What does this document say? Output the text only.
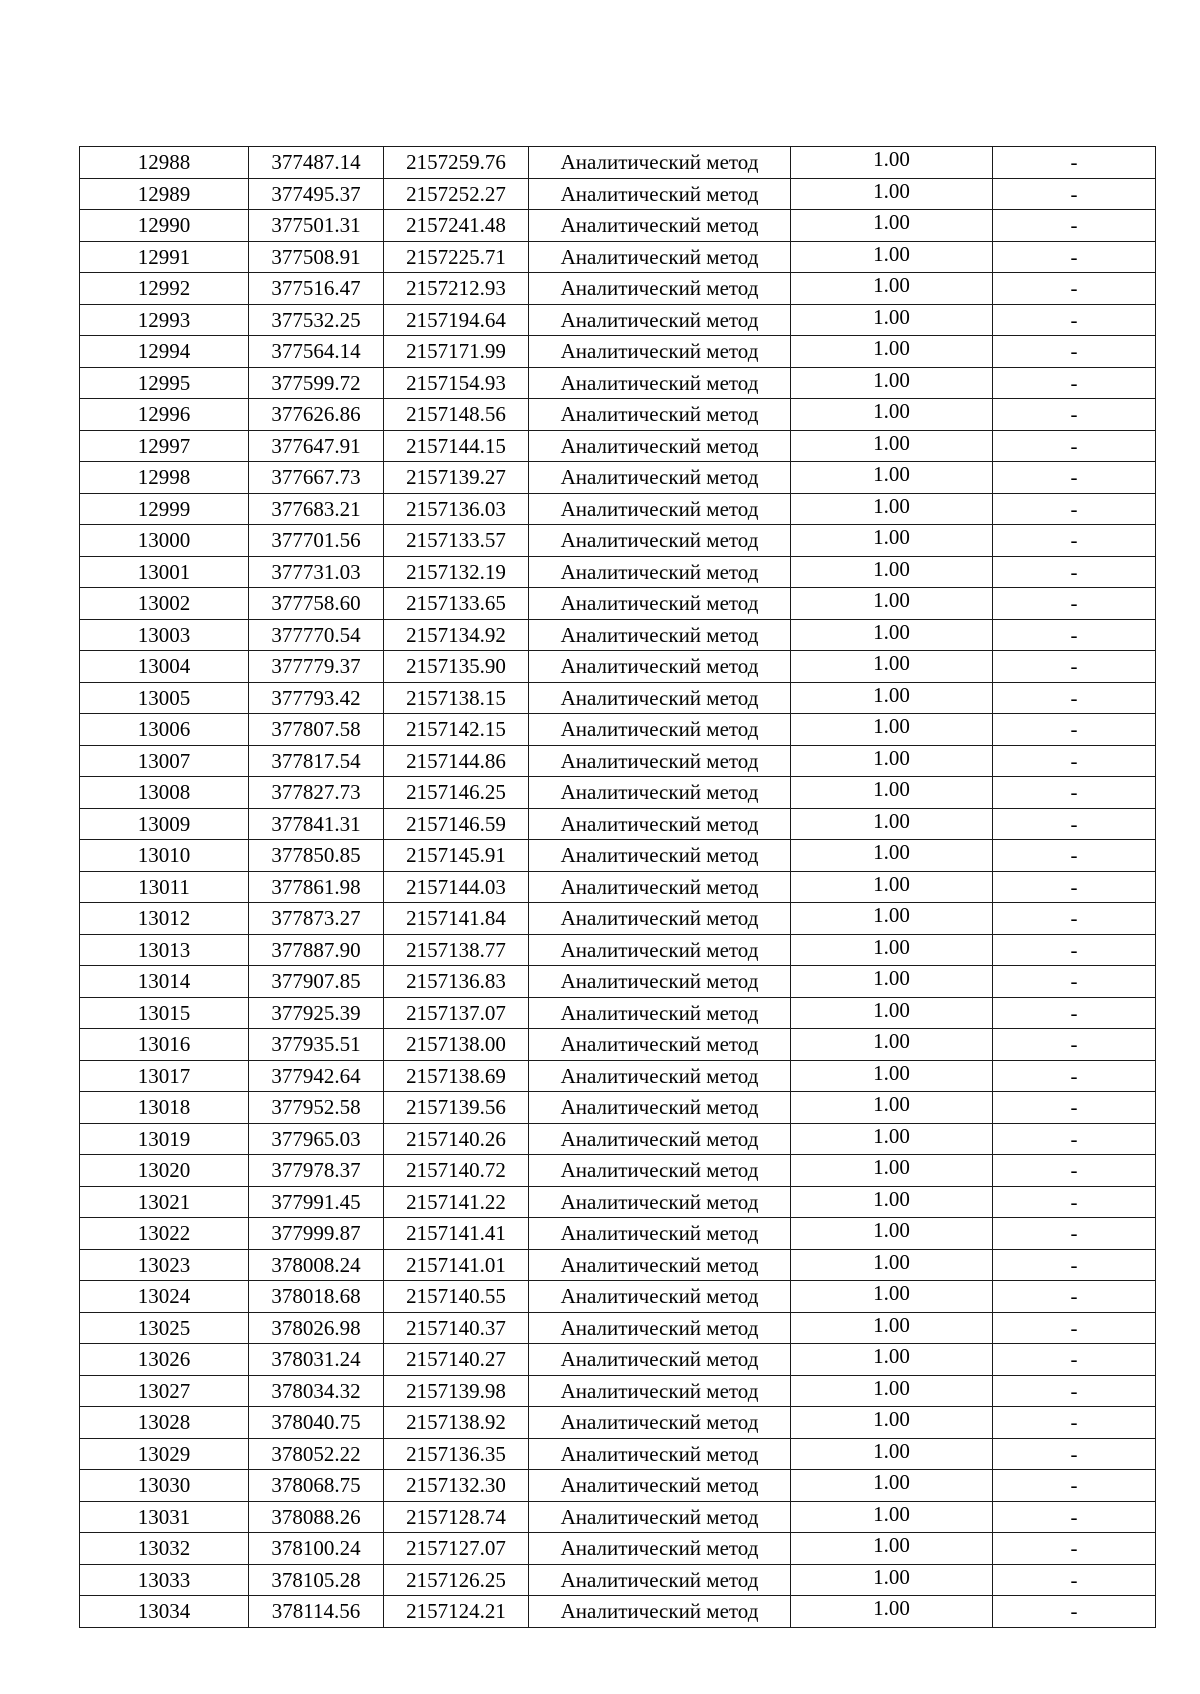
12988	377487.14	2157259.76	Аналитический метод	1.00	-
12989	377495.37	2157252.27	Аналитический метод	1.00	-
12990	377501.31	2157241.48	Аналитический метод	1.00	-
12991	377508.91	2157225.71	Аналитический метод	1.00	-
12992	377516.47	2157212.93	Аналитический метод	1.00	-
12993	377532.25	2157194.64	Аналитический метод	1.00	-
12994	377564.14	2157171.99	Аналитический метод	1.00	-
12995	377599.72	2157154.93	Аналитический метод	1.00	-
12996	377626.86	2157148.56	Аналитический метод	1.00	-
12997	377647.91	2157144.15	Аналитический метод	1.00	-
12998	377667.73	2157139.27	Аналитический метод	1.00	-
12999	377683.21	2157136.03	Аналитический метод	1.00	-
13000	377701.56	2157133.57	Аналитический метод	1.00	-
13001	377731.03	2157132.19	Аналитический метод	1.00	-
13002	377758.60	2157133.65	Аналитический метод	1.00	-
13003	377770.54	2157134.92	Аналитический метод	1.00	-
13004	377779.37	2157135.90	Аналитический метод	1.00	-
13005	377793.42	2157138.15	Аналитический метод	1.00	-
13006	377807.58	2157142.15	Аналитический метод	1.00	-
13007	377817.54	2157144.86	Аналитический метод	1.00	-
13008	377827.73	2157146.25	Аналитический метод	1.00	-
13009	377841.31	2157146.59	Аналитический метод	1.00	-
13010	377850.85	2157145.91	Аналитический метод	1.00	-
13011	377861.98	2157144.03	Аналитический метод	1.00	-
13012	377873.27	2157141.84	Аналитический метод	1.00	-
13013	377887.90	2157138.77	Аналитический метод	1.00	-
13014	377907.85	2157136.83	Аналитический метод	1.00	-
13015	377925.39	2157137.07	Аналитический метод	1.00	-
13016	377935.51	2157138.00	Аналитический метод	1.00	-
13017	377942.64	2157138.69	Аналитический метод	1.00	-
13018	377952.58	2157139.56	Аналитический метод	1.00	-
13019	377965.03	2157140.26	Аналитический метод	1.00	-
13020	377978.37	2157140.72	Аналитический метод	1.00	-
13021	377991.45	2157141.22	Аналитический метод	1.00	-
13022	377999.87	2157141.41	Аналитический метод	1.00	-
13023	378008.24	2157141.01	Аналитический метод	1.00	-
13024	378018.68	2157140.55	Аналитический метод	1.00	-
13025	378026.98	2157140.37	Аналитический метод	1.00	-
13026	378031.24	2157140.27	Аналитический метод	1.00	-
13027	378034.32	2157139.98	Аналитический метод	1.00	-
13028	378040.75	2157138.92	Аналитический метод	1.00	-
13029	378052.22	2157136.35	Аналитический метод	1.00	-
13030	378068.75	2157132.30	Аналитический метод	1.00	-
13031	378088.26	2157128.74	Аналитический метод	1.00	-
13032	378100.24	2157127.07	Аналитический метод	1.00	-
13033	378105.28	2157126.25	Аналитический метод	1.00	-
13034	378114.56	2157124.21	Аналитический метод	1.00	-
